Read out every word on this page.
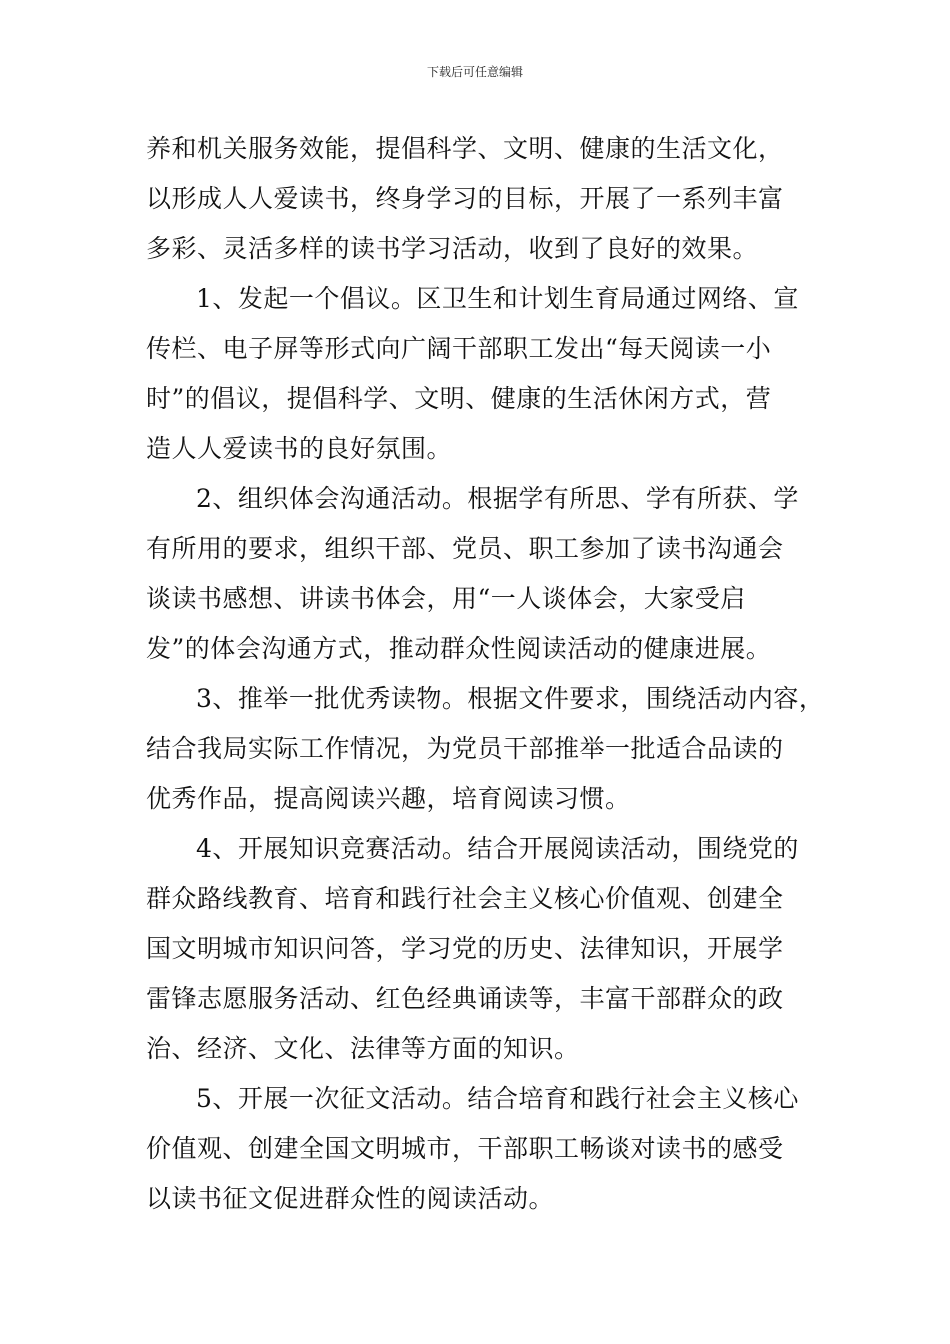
下载后可任意编辑
养和机关服务效能，提倡科学、文明、健康的生活文化，
以形成人人爱读书，终身学习的目标，开展了一系列丰富
多彩、灵活多样的读书学习活动，收到了良好的效果。
1、发起一个倡议。区卫生和计划生育局通过网络、宣
传栏、电子屏等形式向广阔干部职工发出“每天阅读一小
时”的倡议，提倡科学、文明、健康的生活休闲方式，营
造人人爱读书的良好氛围。
2、组织体会沟通活动。根据学有所思、学有所获、学
有所用的要求，组织干部、党员、职工参加了读书沟通会
谈读书感想、讲读书体会，用“一人谈体会，大家受启
发”的体会沟通方式，推动群众性阅读活动的健康进展。
3、推举一批优秀读物。根据文件要求，围绕活动内容，
结合我局实际工作情况，为党员干部推举一批适合品读的
优秀作品，提高阅读兴趣，培育阅读习惯。
4、开展知识竞赛活动。结合开展阅读活动，围绕党的
群众路线教育、培育和践行社会主义核心价值观、创建全
国文明城市知识问答，学习党的历史、法律知识，开展学
雷锋志愿服务活动、红色经典诵读等，丰富干部群众的政
治、经济、文化、法律等方面的知识。
5、开展一次征文活动。结合培育和践行社会主义核心
价值观、创建全国文明城市，干部职工畅谈对读书的感受
以读书征文促进群众性的阅读活动。
